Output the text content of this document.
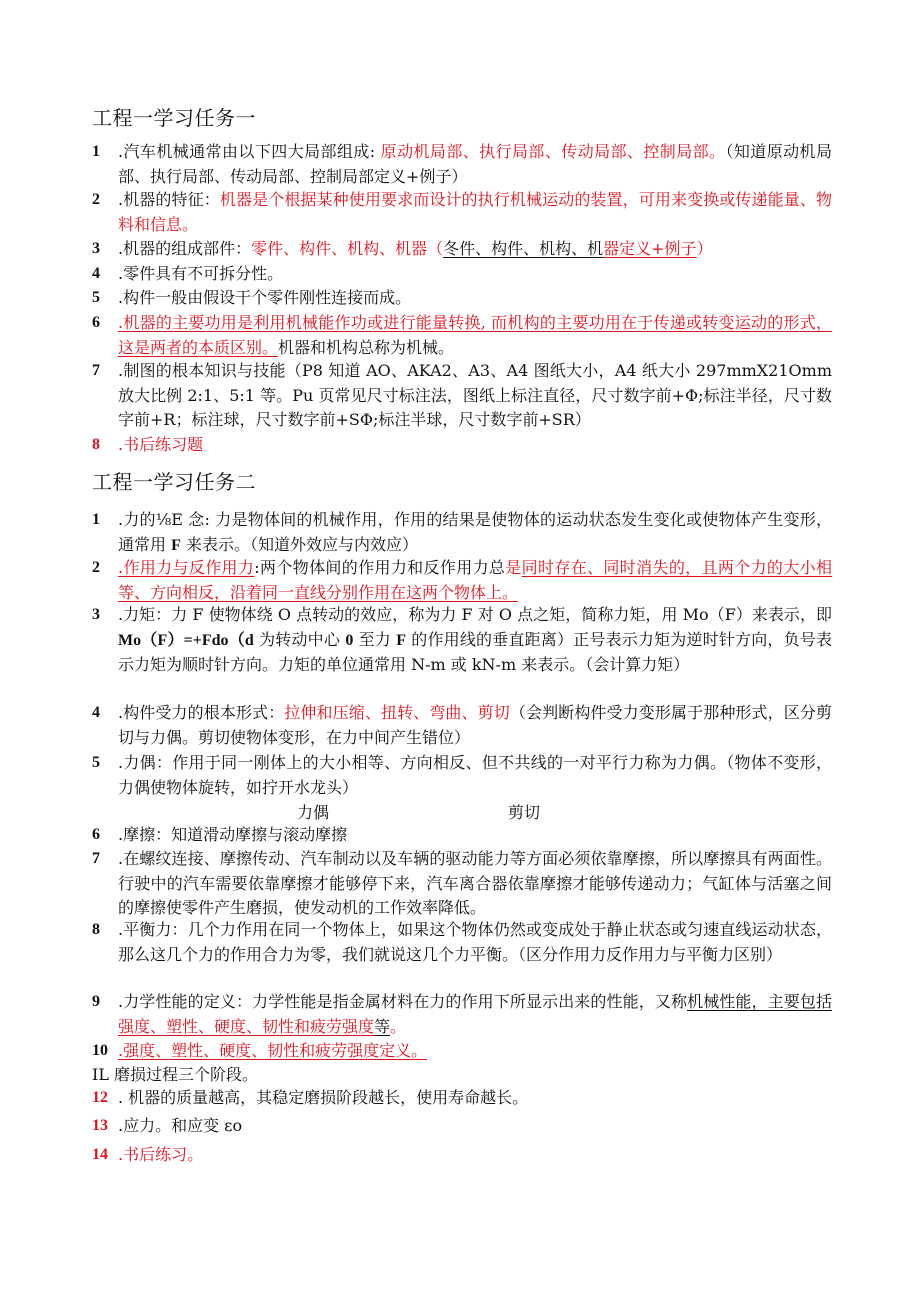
工程一学习任务一
1 .汽车机械通常由以下四大局部组成: 原动机局部、执行局部、传动局部、控制局部。（知道原动机局部、执行局部、传动局部、控制局部定义+例子）
2 .机器的特征：机器是个根据某种使用要求而设计的执行机械运动的装置，可用来变换或传递能量、物料和信息。
3 .机器的组成部件：零件、构件、机构、机器（冬件、构件、机构、机器定义+例子）
4 .零件具有不可拆分性。
5 .构件一般由假设干个零件刚性连接而成。
6 .机器的主要功用是利用机械能作功或进行能量转换, 而机构的主要功用在于传递或转变运动的形式，这是两者的本质区别。机器和机构总称为机械。
7 .制图的根本知识与技能（P8 知道 AO、AKA2、A3、A4 图纸大小，A4 纸大小 297mmX21Omm 放大比例 2:1、5:1 等。Pu 页常见尺寸标注法，图纸上标注直径，尺寸数字前+Φ;标注半径，尺寸数字前+R；标注球，尺寸数字前+SΦ;标注半球，尺寸数字前+SR）
8 .书后练习题
工程一学习任务二
1 .力的⅛E 念: 力是物体间的机械作用，作用的结果是使物体的运动状态发生变化或使物体产生变形，通常用 F 来表示。（知道外效应与内效应）
2 .作用力与反作用力:两个物体间的作用力和反作用力总是同时存在、同时消失的，且两个力的大小相等、方向相反，沿着同一直线分别作用在这两个物体上。
3 .力矩：力 F 使物体绕 O 点转动的效应，称为力 F 对 O 点之矩，简称力矩，用 Mo（F）来表示，即 Mo（F）=+Fdo（d 为转动中心 0 至力 F 的作用线的垂直距离）正号表示力矩为逆时针方向，负号表示力矩为顺时针方向。力矩的单位通常用 N-m 或 kN-m 来表示。（会计算力矩）
4 .构件受力的根本形式：拉伸和压缩、扭转、弯曲、剪切（会判断构件受力变形属于那种形式，区分剪切与力偶。剪切使物体变形，在力中间产生错位）
5 .力偶：作用于同一刚体上的大小相等、方向相反、但不共线的一对平行力称为力偶。（物体不变形，力偶使物体旋转，如拧开水龙头）
力偶	剪切
6 .摩擦：知道滑动摩擦与滚动摩擦
7 .在螺纹连接、摩擦传动、汽车制动以及车辆的驱动能力等方面必须依靠摩擦，所以摩擦具有两面性。行驶中的汽车需要依靠摩擦才能够停下来，汽车离合器依靠摩擦才能够传递动力；气缸体与活塞之间的摩擦使零件产生磨损，使发动机的工作效率降低。
8 .平衡力：几个力作用在同一个物体上，如果这个物体仍然或变成处于静止状态或匀速直线运动状态，那么这几个力的作用合力为零，我们就说这几个力平衡。（区分作用力反作用力与平衡力区别）
9 .力学性能的定义：力学性能是指金属材料在力的作用下所显示出来的性能，又称机械性能，主要包括强度、塑性、硬度、韧性和疲劳强度等。
10 .强度、塑性、硬度、韧性和疲劳强度定义。
IL 磨损过程三个阶段。
12 . 机器的质量越高，其稳定磨损阶段越长，使用寿命越长。
13 .应力。和应变 εo
14 .书后练习。
